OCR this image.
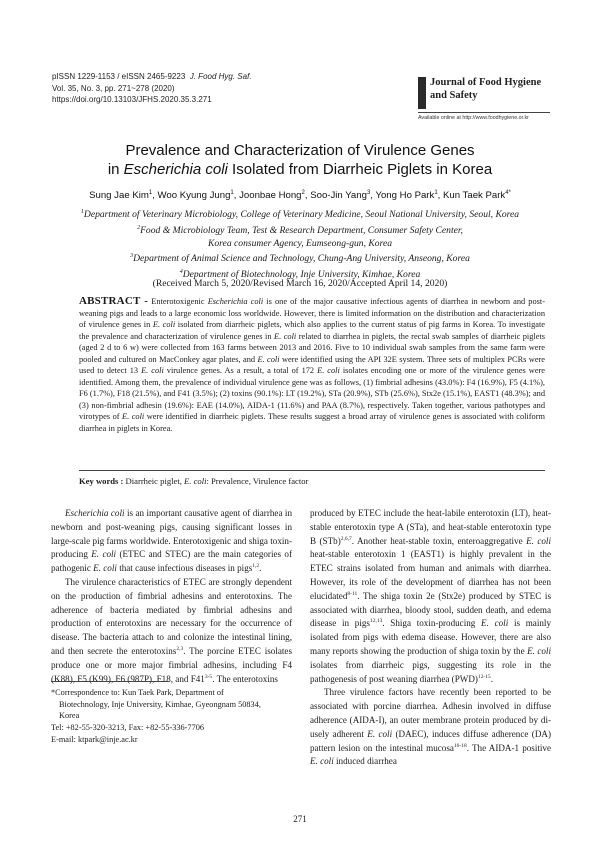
pISSN 1229-1153 / eISSN 2465-9223 J. Food Hyg. Saf.
Vol. 35, No. 3, pp. 271~278 (2020)
https://doi.org/10.13103/JFHS.2020.35.3.271
Journal of Food Hygiene
and Safety
Available online at http://www.foodhygiene.or.kr
Prevalence and Characterization of Virulence Genes
in Escherichia coli Isolated from Diarrheic Piglets in Korea
Sung Jae Kim$^1$, Woo Kyung Jung$^1$, Joonbae Hong$^2$, Soo-Jin Yang$^3$, Yong Ho Park$^1$, Kun Taek Park$^{4*}$
$^1$Department of Veterinary Microbiology, College of Veterinary Medicine, Seoul National University, Seoul, Korea
$^2$Food & Microbiology Team, Test & Research Department, Consumer Safety Center,
Korea consumer Agency, Eumseong-gun, Korea
$^3$Department of Animal Science and Technology, Chung-Ang University, Anseong, Korea
$^4$Department of Biotechnology, Inje University, Kimhae, Korea
(Received March 5, 2020/Revised March 16, 2020/Accepted April 14, 2020)
ABSTRACT - Enterotoxigenic Escherichia coli is one of the major causative infectious agents of diarrhea in newborn and post-weaning pigs and leads to a large economic loss worldwide. However, there is limited information on the distribution and characterization of virulence genes in E. coli isolated from diarrheic piglets, which also applies to the current status of pig farms in Korea. To investigate the prevalence and characterization of virulence genes in E. coli related to diarrhea in piglets, the rectal swab samples of diarrheic piglets (aged 2 d to 6 w) were collected from 163 farms between 2013 and 2016. Five to 10 individual swab samples from the same farm were pooled and cultured on MacConkey agar plates, and E. coli were identified using the API 32E system. Three sets of multiplex PCRs were used to detect 13 E. coli virulence genes. As a result, a total of 172 E. coli isolates encoding one or more of the virulence genes were identified. Among them, the prevalence of individual virulence gene was as follows, (1) fimbrial adhesins (43.0%): F4 (16.9%), F5 (4.1%), F6 (1.7%), F18 (21.5%), and F41 (3.5%); (2) toxins (90.1%): LT (19.2%), STa (20.9%), STb (25.6%), Stx2e (15.1%), EAST1 (48.3%); and (3) non-fimbrial adhesin (19.6%): EAE (14.0%), AIDA-1 (11.6%) and PAA (8.7%), respectively. Taken together, various pathotypes and virotypes of E. coli were identified in diarrheic piglets. These results suggest a broad array of virulence genes is associated with coliform diarrhea in piglets in Korea.
Key words : Diarrheic piglet, E. coli: Prevalence, Virulence factor

Escherichia coli is an important causative agent of diarrhea in newborn and post-weaning pigs, causing significant losses in large-scale pig farms worldwide. Enterotoxigenic and shiga toxin-producing E. coli (ETEC and STEC) are the main categories of pathogenic E. coli that cause infectious diseases in pigs$^{1,2}$.

The virulence characteristics of ETEC are strongly dependent on the production of fimbrial adhesins and enterotoxins. The adherence of bacteria mediated by fimbrial adhesins and production of enterotoxins are necessary for the occurrence of disease. The bacteria attach to and colonize the intestinal lining, and then secrete the enterotoxins$^{2,3}$. The porcine ETEC isolates produce one or more major fimbrial adhesins, including F4 (K88), F5 (K99), F6 (987P), F18, and F41$^{3-5}$. The enterotoxins

produced by ETEC include the heat-labile enterotoxin (LT), heat-stable enterotoxin type A (STa), and heat-stable enterotoxin type B (STb)$^{2,6,7}$. Another heat-stable toxin, enteroaggregative E. coli heat-stable enterotoxin 1 (EAST1) is highly prevalent in the ETEC strains isolated from human and animals with diarrhea. However, its role of the development of diarrhea has not been elucidated$^{8-11}$. The shiga toxin 2e (Stx2e) produced by STEC is associated with diarrhea, bloody stool, sudden death, and edema disease in pigs$^{12,13}$. Shiga toxin-producing E. coli is mainly isolated from pigs with edema disease. However, there are also many reports showing the production of shiga toxin by the E. coli isolates from diarrheic pigs, suggesting its role in the pathogenesis of post weaning diarrhea (PWD)$^{12-15}$.

Three virulence factors have recently been reported to be associated with porcine diarrhea. Adhesin involved in diffuse adherence (AIDA-I), an outer membrane protein produced by di-usely adherent E. coli (DAEC), induces diffuse adherence (DA) pattern lesion on the intestinal mucosa$^{16-18}$. The AIDA-1 positive E. coli induced diarrhea

*Correspondence to: Kun Taek Park, Department of
Biotechnology, Inje University, Kimhae, Gyeongnam 50834,
Korea
Tel: +82-55-320-3213, Fax: +82-55-336-7706
E-mail: ktpark@inje.ac.kr
271
